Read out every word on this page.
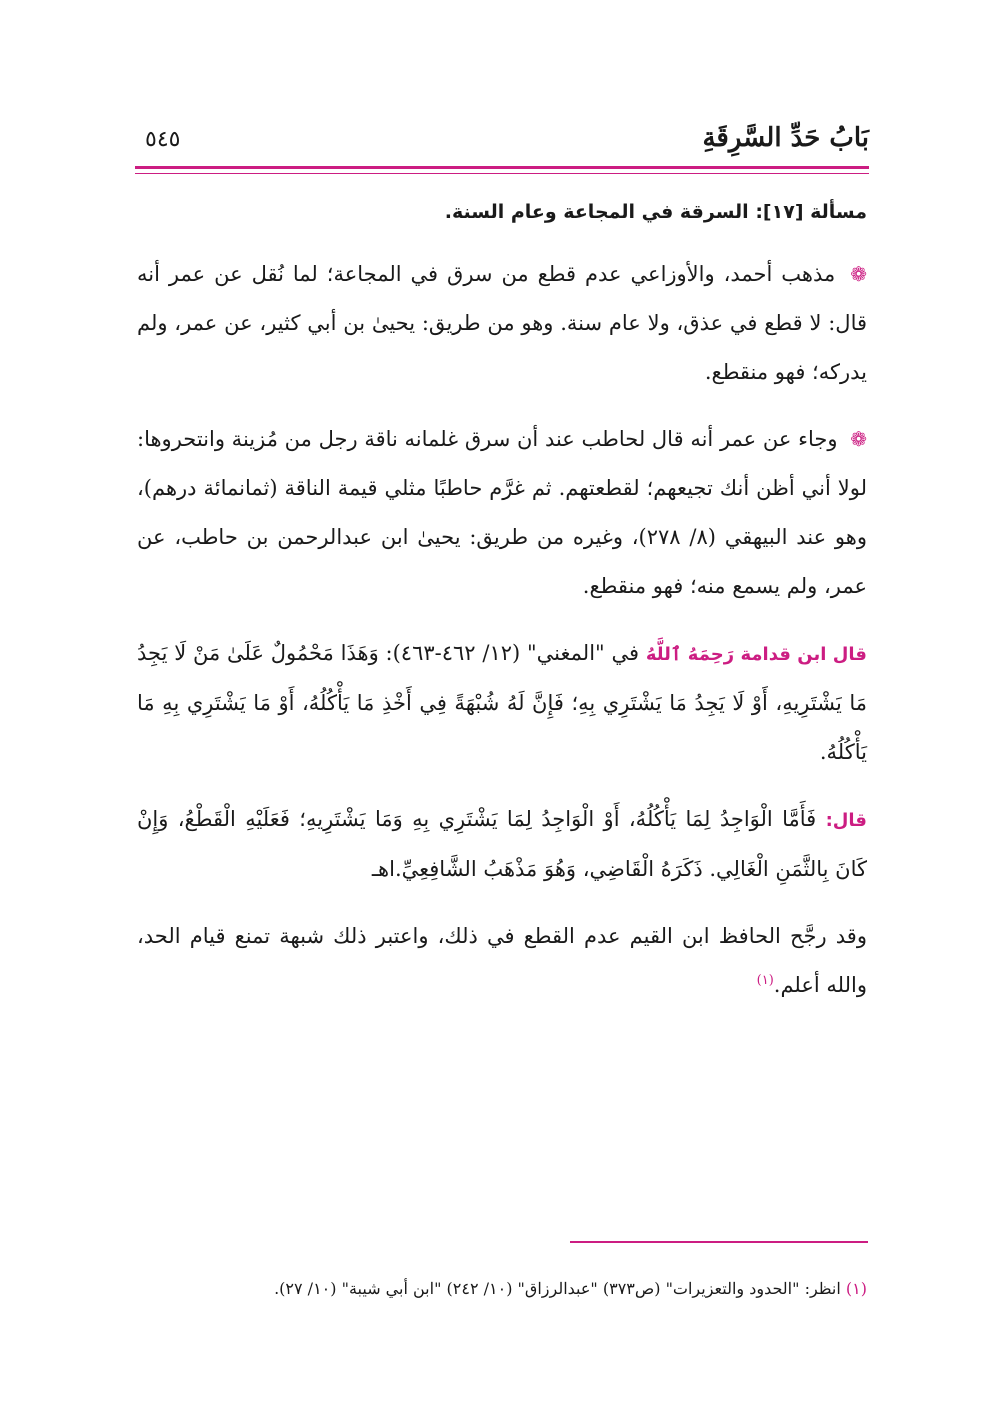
بَابُ حَدِّ السَّرِقَةِ
٥٤٥
مسألة [١٧]: السرقة في المجاعة وعام السنة.

❁ مذهب أحمد، والأوزاعي عدم قطع من سرق في المجاعة؛ لما نُقل عن عمر أنه قال: لا قطع في عذق، ولا عام سنة. وهو من طريق: يحيىٰ بن أبي كثير، عن عمر، ولم يدركه؛ فهو منقطع.

❁ وجاء عن عمر أنه قال لحاطب عند أن سرق غلمانه ناقة رجل من مُزينة وانتحروها: لولا أني أظن أنك تجيعهم؛ لقطعتهم. ثم غرَّم حاطبًا مثلي قيمة الناقة (ثمانمائة درهم)، وهو عند البيهقي (٨/ ٢٧٨)، وغيره من طريق: يحيىٰ ابن عبدالرحمن بن حاطب، عن عمر، ولم يسمع منه؛ فهو منقطع.

قال ابن قدامة رَحِمَهُ ٱللَّهُ في "المغني" (١٢/ ٤٦٢-٤٦٣): وَهَذَا مَحْمُولٌ عَلَىٰ مَنْ لَا يَجِدُ مَا يَشْتَرِيهِ، أَوْ لَا يَجِدُ مَا يَشْتَرِي بِهِ؛ فَإِنَّ لَهُ شُبْهَةً فِي أَخْذِ مَا يَأْكُلُهُ، أَوْ مَا يَشْتَرِي بِهِ مَا يَأْكُلُهُ.

قال: فَأَمَّا الْوَاجِدُ لِمَا يَأْكُلُهُ، أَوْ الْوَاجِدُ لِمَا يَشْتَرِي بِهِ وَمَا يَشْتَرِيهِ؛ فَعَلَيْهِ الْقَطْعُ، وَإِنْ كَانَ بِالثَّمَنِ الْغَالِي. ذَكَرَهُ الْقَاضِي، وَهُوَ مَذْهَبُ الشَّافِعِيِّ.اهـ

وقد رجَّح الحافظ ابن القيم عدم القطع في ذلك، واعتبر ذلك شبهة تمنع قيام الحد، والله أعلم.$^{(١)}$

(١) انظر: "الحدود والتعزيرات" (ص٣٧٣) "عبدالرزاق" (١٠/ ٢٤٢) "ابن أبي شيبة" (١٠/ ٢٧).
